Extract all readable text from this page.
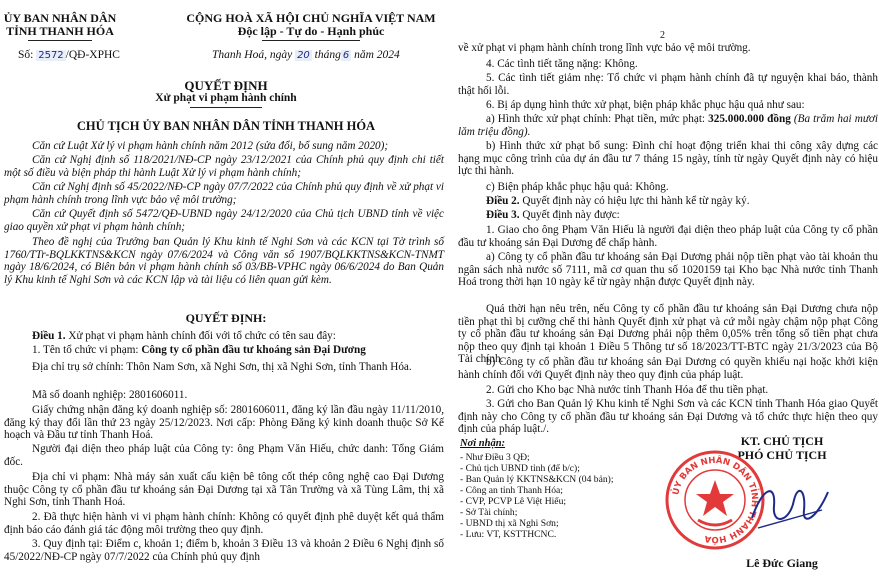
ỦY BAN NHÂN DÂN
TỈNH THANH HÓA
Số: 2572 /QĐ-XPHC
CỘNG HOÀ XÃ HỘI CHỦ NGHĨA VIỆT NAM
Độc lập - Tự do - Hạnh phúc
Thanh Hoá, ngày 20 tháng 6 năm 2024
QUYẾT ĐỊNH
Xử phạt vi phạm hành chính
CHỦ TỊCH ỦY BAN NHÂN DÂN TỈNH THANH HÓA
Căn cứ Luật Xử lý vi phạm hành chính năm 2012 (sửa đổi, bổ sung năm 2020);
Căn cứ Nghị định số 118/2021/NĐ-CP ngày 23/12/2021 của Chính phủ quy định chi tiết một số điều và biện pháp thi hành Luật Xử lý vi phạm hành chính;
Căn cứ Nghị định số 45/2022/NĐ-CP ngày 07/7/2022 của Chính phủ quy định về xử phạt vi phạm hành chính trong lĩnh vực bảo vệ môi trường;
Căn cứ Quyết định số 5472/QĐ-UBND ngày 24/12/2020 của Chủ tịch UBND tỉnh về việc giao quyền xử phạt vi phạm hành chính;
Theo đề nghị của Trưởng ban Quản lý Khu kinh tế Nghi Sơn và các KCN tại Tờ trình số 1760/TTr-BQLKKTNS&KCN ngày 07/6/2024 và Công văn số 1907/BQLKKTNS&KCN-TNMT ngày 18/6/2024, có Biên bản vi phạm hành chính số 03/BB-VPHC ngày 06/6/2024 do Ban Quản lý Khu kinh tế Nghi Sơn và các KCN lập và tài liệu có liên quan gửi kèm.
QUYẾT ĐỊNH:
Điều 1. Xử phạt vi phạm hành chính đối với tổ chức có tên sau đây:
1. Tên tổ chức vi phạm: Công ty cổ phần đầu tư khoáng sản Đại Dương
Địa chỉ trụ sở chính: Thôn Nam Sơn, xã Nghi Sơn, thị xã Nghi Sơn, tỉnh Thanh Hóa.
Mã số doanh nghiệp: 2801606011.
Giấy chứng nhận đăng ký doanh nghiệp số: 2801606011, đăng ký lần đầu ngày 11/11/2010, đăng ký thay đổi lần thứ 23 ngày 25/12/2023. Nơi cấp: Phòng Đăng ký kinh doanh thuộc Sở Kế hoạch và Đầu tư tỉnh Thanh Hoá.
Người đại diện theo pháp luật của Công ty: ông Phạm Văn Hiếu, chức danh: Tổng Giám đốc.
Địa chỉ vi phạm: Nhà máy sản xuất cấu kiện bê tông cốt thép công nghệ cao Đại Dương thuộc Công ty cổ phần đầu tư khoáng sản Đại Dương tại xã Tân Trường và xã Tùng Lâm, thị xã Nghi Sơn, tỉnh Thanh Hoá.
2. Đã thực hiện hành vi vi phạm hành chính: Không có quyết định phê duyệt kết quả thẩm định báo cáo đánh giá tác động môi trường theo quy định.
3. Quy định tại: Điểm c, khoản 1; điểm b, khoản 3 Điều 13 và khoản 2 Điều 6 Nghị định số 45/2022/NĐ-CP ngày 07/7/2022 của Chính phủ quy định
2
về xử phạt vi phạm hành chính trong lĩnh vực bảo vệ môi trường.
4. Các tình tiết tăng nặng: Không.
5. Các tình tiết giảm nhẹ: Tổ chức vi phạm hành chính đã tự nguyện khai báo, thành thật hối lỗi.
6. Bị áp dụng hình thức xử phạt, biện pháp khắc phục hậu quả như sau:
a) Hình thức xử phạt chính: Phạt tiền, mức phạt: 325.000.000 đồng (Ba trăm hai mươi lăm triệu đồng).
b) Hình thức xử phạt bổ sung: Đình chỉ hoạt động triển khai thi công xây dựng các hạng mục công trình của dự án đầu tư 7 tháng 15 ngày, tính từ ngày Quyết định này có hiệu lực thi hành.
c) Biện pháp khắc phục hậu quả: Không.
Điều 2. Quyết định này có hiệu lực thi hành kể từ ngày ký.
Điều 3. Quyết định này được:
1. Giao cho ông Phạm Văn Hiếu là người đại diện theo pháp luật của Công ty cổ phần đầu tư khoáng sản Đại Dương để chấp hành.
a) Công ty cổ phần đầu tư khoáng sản Đại Dương phải nộp tiền phạt vào tài khoản thu ngân sách nhà nước số 7111, mã cơ quan thu số 1020159 tại Kho bạc Nhà nước tỉnh Thanh Hoá trong thời hạn 10 ngày kể từ ngày nhận được Quyết định này.
Quá thời hạn nêu trên, nếu Công ty cổ phần đầu tư khoáng sản Đại Dương chưa nộp tiền phạt thì bị cưỡng chế thi hành Quyết định xử phạt và cứ mỗi ngày chậm nộp phạt Công ty cổ phần đầu tư khoáng sản Đại Dương phải nộp thêm 0,05% trên tổng số tiền phạt chưa nộp theo quy định tại khoản 1 Điều 5 Thông tư số 18/2023/TT-BTC ngày 21/3/2023 của Bộ Tài chính.
b) Công ty cổ phần đầu tư khoáng sản Đại Dương có quyền khiếu nại hoặc khởi kiện hành chính đối với Quyết định này theo quy định của pháp luật.
2. Gửi cho Kho bạc Nhà nước tỉnh Thanh Hóa để thu tiền phạt.
3. Gửi cho Ban Quản lý Khu kinh tế Nghi Sơn và các KCN tỉnh Thanh Hóa giao Quyết định này cho Công ty cổ phần đầu tư khoáng sản Đại Dương và tổ chức thực hiện theo quy định của pháp luật./.
Nơi nhận:
- Như Điều 3 QĐ;
- Chủ tịch UBND tỉnh (để b/c);
- Ban Quản lý KKTNS&KCN (04 bản);
- Công an tỉnh Thanh Hóa;
- CVP, PCVP Lê Việt Hiếu;
- Sở Tài chính;
- UBND thị xã Nghi Sơn;
- Lưu: VT, KSTTHCNC.
KT. CHỦ TỊCH
PHÓ CHỦ TỊCH
ỦY BAN NHÂN DÂN TỈNH THANH HÓA
Lê Đức Giang
